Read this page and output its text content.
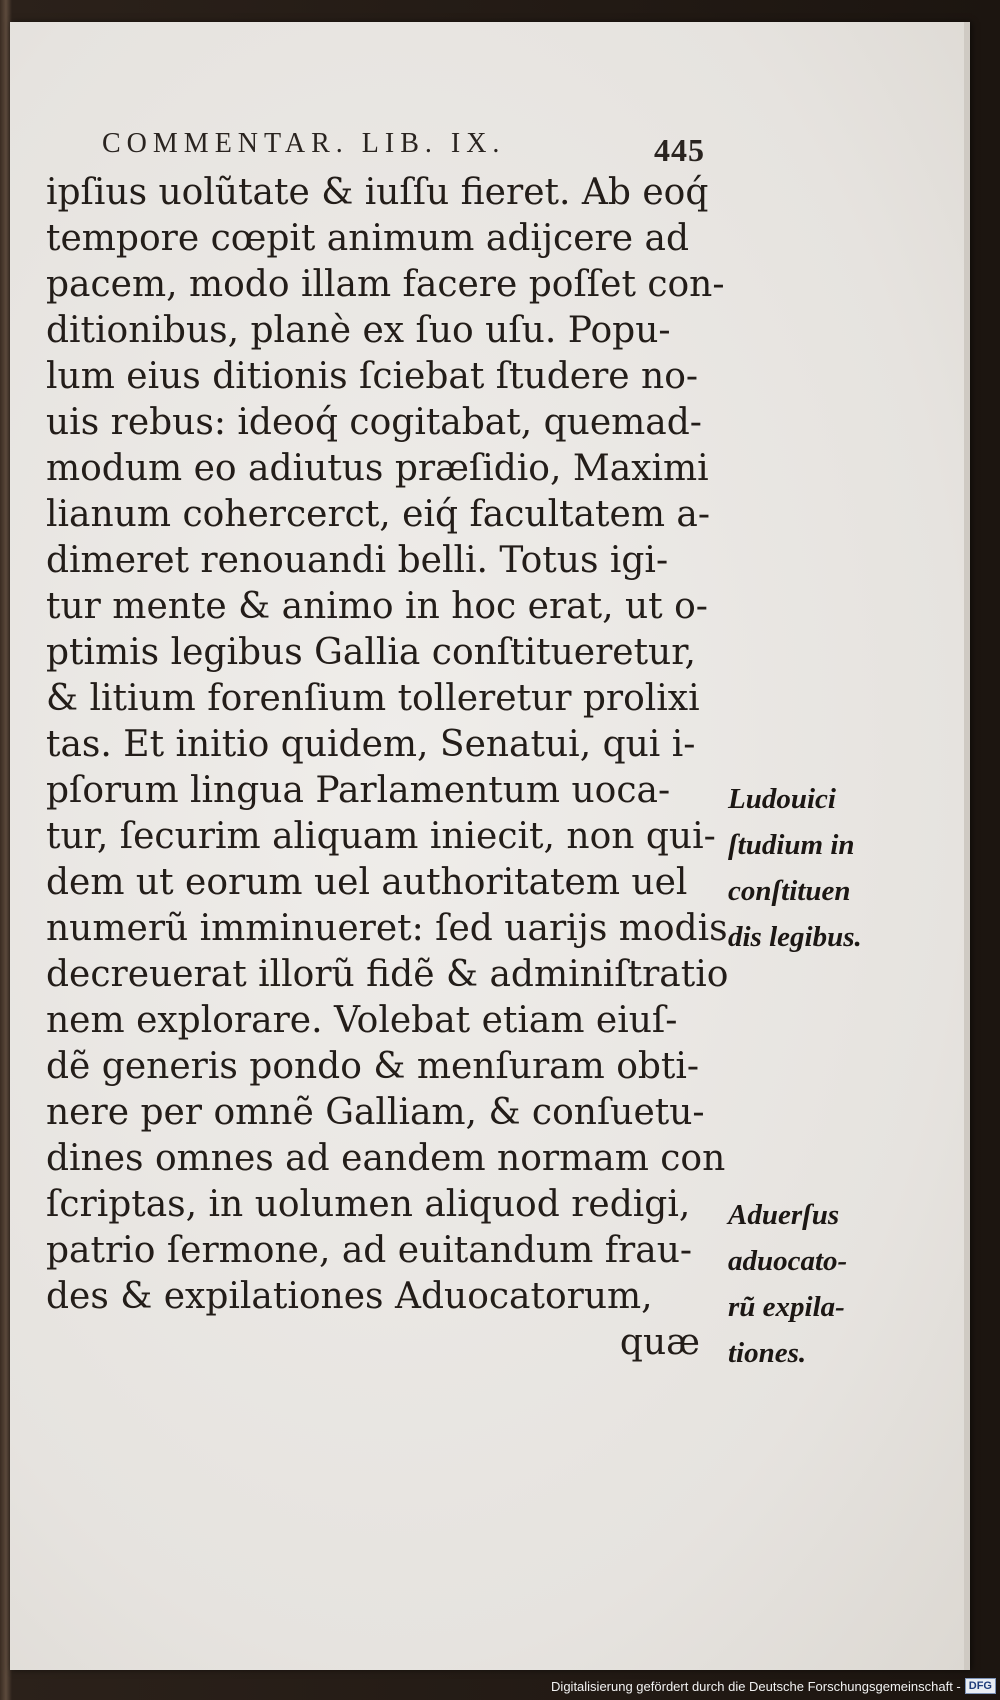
COMMENTAR. LIB. IX.	445
ipſius uolũtate & iuſſu fieret. Ab eoq́
tempore cœpit animum adijcere ad
pacem, modo illam facere poſſet con-
ditionibus, planè ex ſuo uſu. Popu-
lum eius ditionis ſciebat ſtudere no-
uis rebus: ideoq́ cogitabat, quemad-
modum eo adiutus præſidio, Maximi
lianum cohercerct, eiq́ facultatem a-
dimeret renouandi belli. Totus igi-
tur mente & animo in hoc erat, ut o-
ptimis legibus Gallia conſtitueretur,
& litium forenſium tolleretur prolixi
tas. Et initio quidem, Senatui, qui i-
pſorum lingua Parlamentum uoca-
tur, ſecurim aliquam iniecit, non qui-
dem ut eorum uel authoritatem uel
numerũ imminueret: ſed uarijs modis
decreuerat illorũ fidẽ & adminiſtratio
nem explorare. Volebat etiam eiuſ-
dẽ generis pondo & menſuram obti-
nere per omnẽ Galliam, & conſuetu-
dines omnes ad eandem normam con
ſcriptas, in uolumen aliquod redigi,
patrio ſermone, ad euitandum frau-
des & expilationes Aduocatorum,
quæ
Ludouici
ſtudium in
conſtituen
dis legibus.
Aduerſus
aduocato-
rũ expila-
tiones.
Digitalisierung gefördert durch die Deutsche Forschungsgemeinschaft - DFG
